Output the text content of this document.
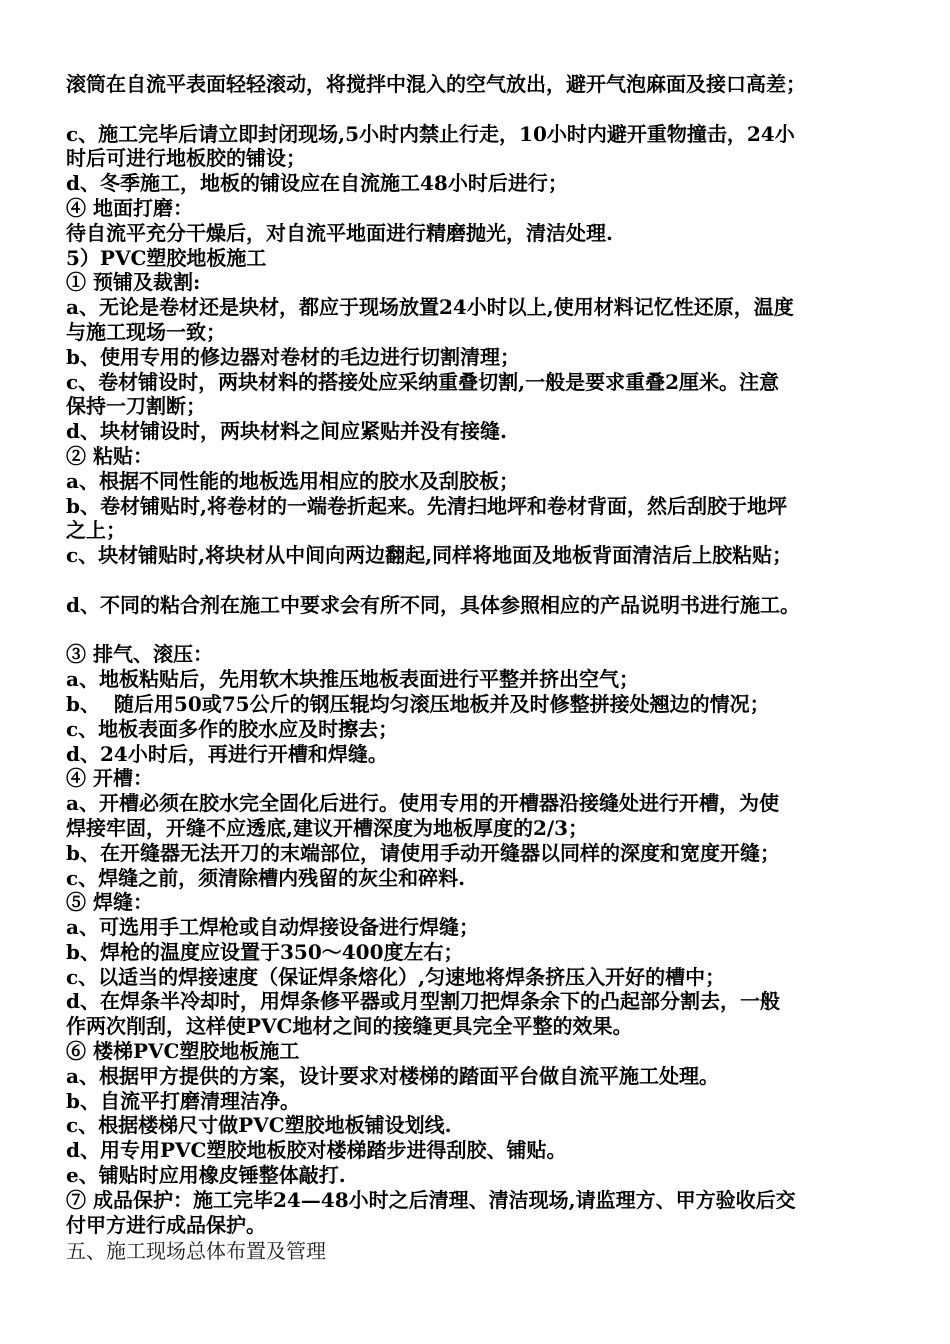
滚筒在自流平表面轻轻滚动，将搅拌中混入的空气放出，避开气泡麻面及接口高差；
c、施工完毕后请立即封闭现场,5小时内禁止行走，10小时内避开重物撞击，24小
时后可进行地板胶的铺设；
d、冬季施工，地板的铺设应在自流施工48小时后进行；
④ 地面打磨：
待自流平充分干燥后，对自流平地面进行精磨抛光，清洁处理.
5）PVC塑胶地板施工
① 预铺及裁割:
a、无论是卷材还是块材，都应于现场放置24小时以上,使用材料记忆性还原，温度
与施工现场一致；
b、使用专用的修边器对卷材的毛边进行切割清理；
c、卷材铺设时，两块材料的搭接处应采纳重叠切割,一般是要求重叠2厘米。注意
保持一刀割断；
d、块材铺设时，两块材料之间应紧贴并没有接缝.
② 粘贴：
a、根据不同性能的地板选用相应的胶水及刮胶板；
b、卷材铺贴时,将卷材的一端卷折起来。先清扫地坪和卷材背面，然后刮胶于地坪
之上；
c、块材铺贴时,将块材从中间向两边翻起,同样将地面及地板背面清洁后上胶粘贴；
d、不同的粘合剂在施工中要求会有所不同，具体参照相应的产品说明书进行施工。
③ 排气、滚压：
a、地板粘贴后，先用软木块推压地板表面进行平整并挤出空气；
b、  随后用50或75公斤的钢压辊均匀滚压地板并及时修整拼接处翘边的情况；
c、地板表面多作的胶水应及时擦去；
d、24小时后，再进行开槽和焊缝。
④ 开槽：
a、开槽必须在胶水完全固化后进行。使用专用的开槽器沿接缝处进行开槽，为使
焊接牢固，开缝不应透底,建议开槽深度为地板厚度的2/3；
b、在开缝器无法开刀的末端部位，请使用手动开缝器以同样的深度和宽度开缝；
c、焊缝之前，须清除槽内残留的灰尘和碎料.
⑤ 焊缝：
a、可选用手工焊枪或自动焊接设备进行焊缝；
b、焊枪的温度应设置于350～400度左右；
c、以适当的焊接速度（保证焊条熔化）,匀速地将焊条挤压入开好的槽中；
d、在焊条半冷却时，用焊条修平器或月型割刀把焊条余下的凸起部分割去，一般
作两次削刮，这样使PVC地材之间的接缝更具完全平整的效果。
⑥ 楼梯PVC塑胶地板施工
a、根据甲方提供的方案，设计要求对楼梯的踏面平台做自流平施工处理。
b、自流平打磨清理洁净。
c、根据楼梯尺寸做PVC塑胶地板铺设划线.
d、用专用PVC塑胶地板胶对楼梯踏步进得刮胶、铺贴。
e、铺贴时应用橡皮锤整体敲打.
⑦ 成品保护：施工完毕24—48小时之后清理、清洁现场,请监理方、甲方验收后交
付甲方进行成品保护。
五、施工现场总体布置及管理
